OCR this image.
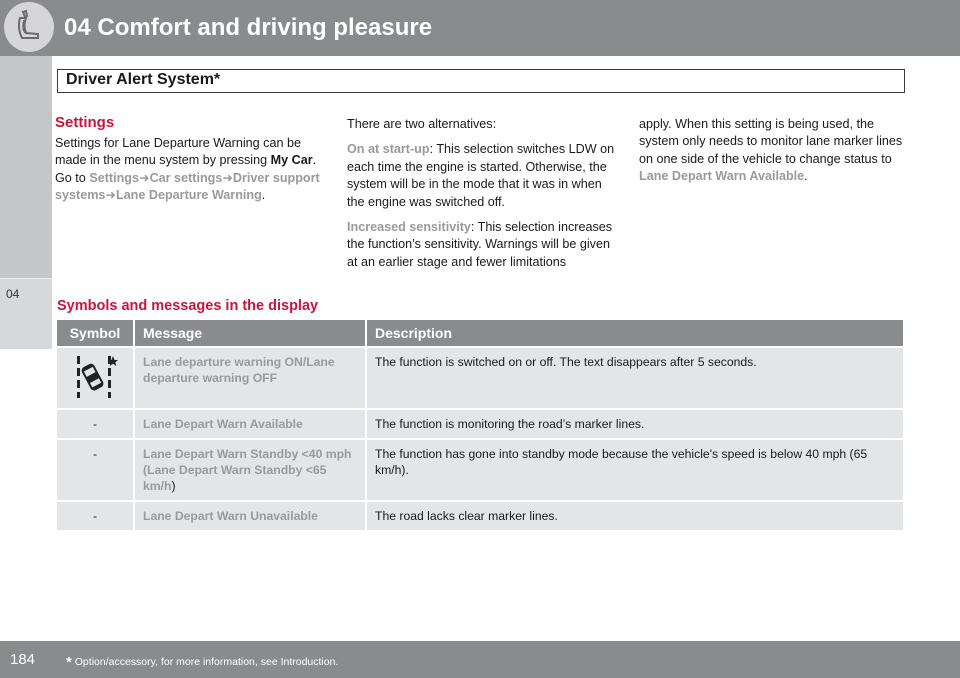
04 Comfort and driving pleasure
04
Driver Alert System*
Settings

Settings for Lane Departure Warning can be made in the menu system by pressing My Car. Go to Settings➜Car settings➜Driver support systems➜Lane Departure Warning.

There are two alternatives:

On at start-up: This selection switches LDW on each time the engine is started. Otherwise, the system will be in the mode that it was in when the engine was switched off.

Increased sensitivity: This selection increases the function’s sensitivity. Warnings will be given at an earlier stage and fewer limitations

apply. When this setting is being used, the system only needs to monitor lane marker lines on one side of the vehicle to change status to Lane Depart Warn Available.

Symbols and messages in the display
Symbol	Message	Description
	Lane departure warning ON/Lane departure warning OFF	The function is switched on or off. The text disappears after 5 seconds.
-	Lane Depart Warn Available	The function is monitoring the road’s marker lines.
-	Lane Depart Warn Standby <40 mph (Lane Depart Warn Standby <65 km/h)	The function has gone into standby mode because the vehicle's speed is below 40 mph (65 km/h).
-	Lane Depart Warn Unavailable	The road lacks clear marker lines.
184 * Option/accessory, for more information, see Introduction.
